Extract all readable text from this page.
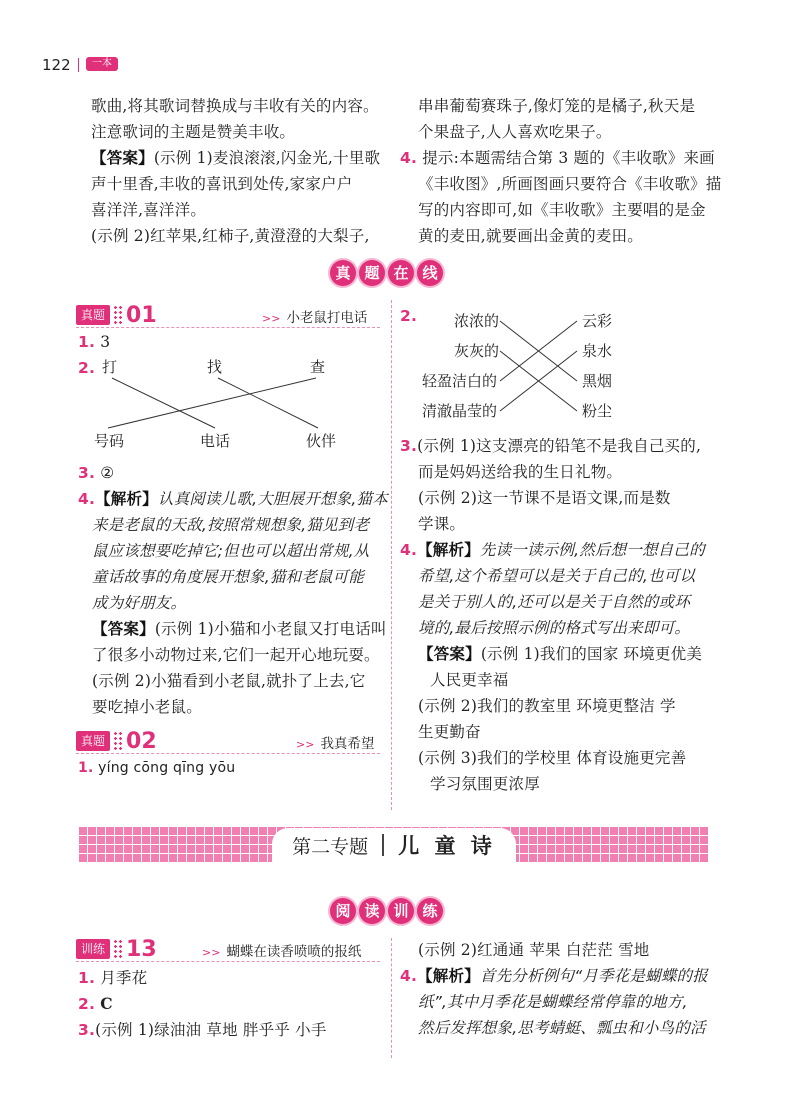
122	一本
歌曲,将其歌词替换成与丰收有关的内容。
注意歌词的主题是赞美丰收。
【答案】(示例 1)麦浪滚滚,闪金光,十里歌
声十里香,丰收的喜讯到处传,家家户户
喜洋洋,喜洋洋。
(示例 2)红苹果,红柿子,黄澄澄的大梨子,
串串葡萄赛珠子,像灯笼的是橘子,秋天是
个果盘子,人人喜欢吃果子。
4. 提示:本题需结合第 3 题的《丰收歌》来画
《丰收图》,所画图画只要符合《丰收歌》描
写的内容即可,如《丰收歌》主要唱的是金
黄的麦田,就要画出金黄的麦田。
真 题 在 线
真题 01	>> 小老鼠打电话
1. 3
2. 打	找	查
号码	电话	伙伴
3. ②
4.【解析】认真阅读儿歌,大胆展开想象,猫本
来是老鼠的天敌,按照常规想象,猫见到老
鼠应该想要吃掉它;但也可以超出常规,从
童话故事的角度展开想象,猫和老鼠可能
成为好朋友。
【答案】(示例 1)小猫和小老鼠又打电话叫
了很多小动物过来,它们一起开心地玩耍。
(示例 2)小猫看到小老鼠,就扑了上去,它
要吃掉小老鼠。
真题 02	>> 我真希望
1. yíng cōng qīng yōu
2. 浓浓的
灰灰的
轻盈洁白的
清澈晶莹的
云彩
泉水
黑烟
粉尘
3.(示例 1)这支漂亮的铅笔不是我自己买的,
而是妈妈送给我的生日礼物。
(示例 2)这一节课不是语文课,而是数
学课。
4.【解析】先读一读示例,然后想一想自己的
希望,这个希望可以是关于自己的,也可以
是关于别人的,还可以是关于自然的或环
境的,最后按照示例的格式写出来即可。
【答案】(示例 1)我们的国家 环境更优美
人民更幸福
(示例 2)我们的教室里 环境更整洁 学
生更勤奋
(示例 3)我们的学校里 体育设施更完善
学习氛围更浓厚
第二专题 儿 童 诗
阅 读 训 练
训练 13	>> 蝴蝶在读香喷喷的报纸
1. 月季花
2. C
3.(示例 1)绿油油 草地 胖乎乎 小手
(示例 2)红通通 苹果 白茫茫 雪地
4.【解析】首先分析例句“月季花是蝴蝶的报
纸”,其中月季花是蝴蝶经常停靠的地方,
然后发挥想象,思考蜻蜓、瓢虫和小鸟的活
